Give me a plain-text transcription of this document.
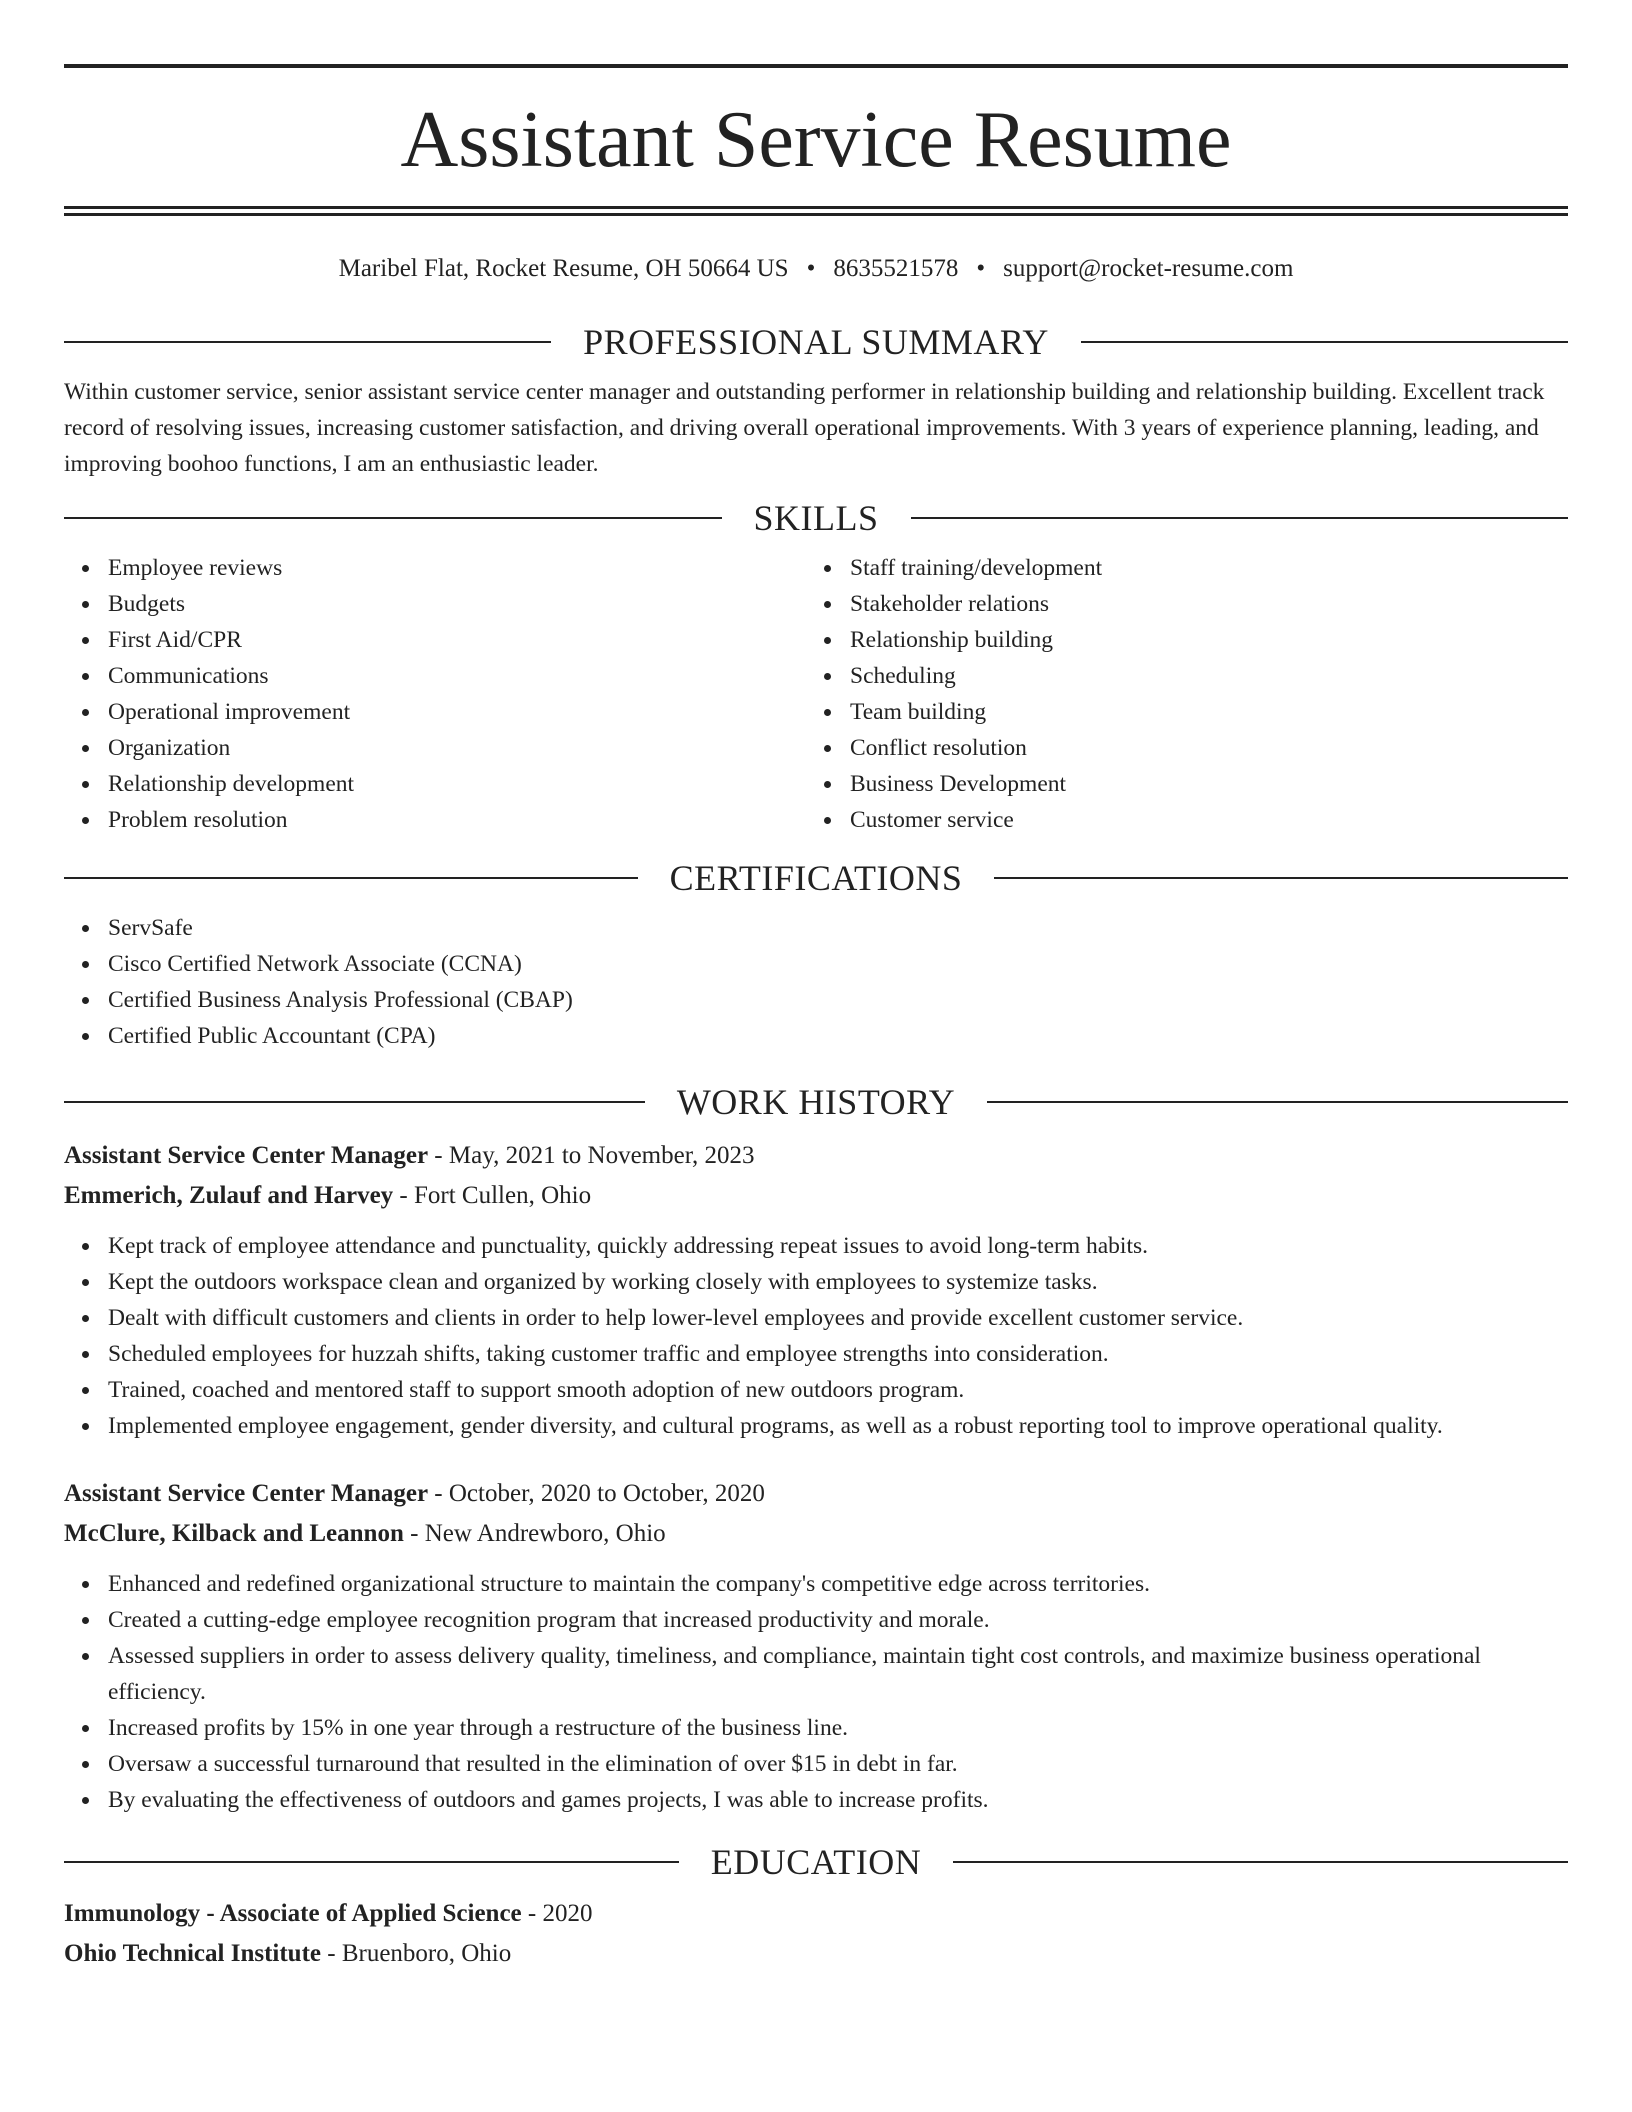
Assistant Service Resume
Maribel Flat, Rocket Resume, OH 50664 US • 8635521578 • support@rocket-resume.com
PROFESSIONAL SUMMARY

Within customer service, senior assistant service center manager and outstanding performer in relationship building and relationship building. Excellent track record of resolving issues, increasing customer satisfaction, and driving overall operational improvements. With 3 years of experience planning, leading, and improving boohoo functions, I am an enthusiastic leader.

SKILLS
Employee reviews
Budgets
First Aid/CPR
Communications
Operational improvement
Organization
Relationship development
Problem resolution
Staff training/development
Stakeholder relations
Relationship building
Scheduling
Team building
Conflict resolution
Business Development
Customer service
CERTIFICATIONS
ServSafe
Cisco Certified Network Associate (CCNA)
Certified Business Analysis Professional (CBAP)
Certified Public Accountant (CPA)
WORK HISTORY
Assistant Service Center Manager - May, 2021 to November, 2023
Emmerich, Zulauf and Harvey - Fort Cullen, Ohio
Kept track of employee attendance and punctuality, quickly addressing repeat issues to avoid long-term habits.
Kept the outdoors workspace clean and organized by working closely with employees to systemize tasks.
Dealt with difficult customers and clients in order to help lower-level employees and provide excellent customer service.
Scheduled employees for huzzah shifts, taking customer traffic and employee strengths into consideration.
Trained, coached and mentored staff to support smooth adoption of new outdoors program.
Implemented employee engagement, gender diversity, and cultural programs, as well as a robust reporting tool to improve operational quality.
Assistant Service Center Manager - October, 2020 to October, 2020
McClure, Kilback and Leannon - New Andrewboro, Ohio
Enhanced and redefined organizational structure to maintain the company's competitive edge across territories.
Created a cutting-edge employee recognition program that increased productivity and morale.
Assessed suppliers in order to assess delivery quality, timeliness, and compliance, maintain tight cost controls, and maximize business operational efficiency.
Increased profits by 15% in one year through a restructure of the business line.
Oversaw a successful turnaround that resulted in the elimination of over $15 in debt in far.
By evaluating the effectiveness of outdoors and games projects, I was able to increase profits.
EDUCATION
Immunology - Associate of Applied Science - 2020
Ohio Technical Institute - Bruenboro, Ohio
